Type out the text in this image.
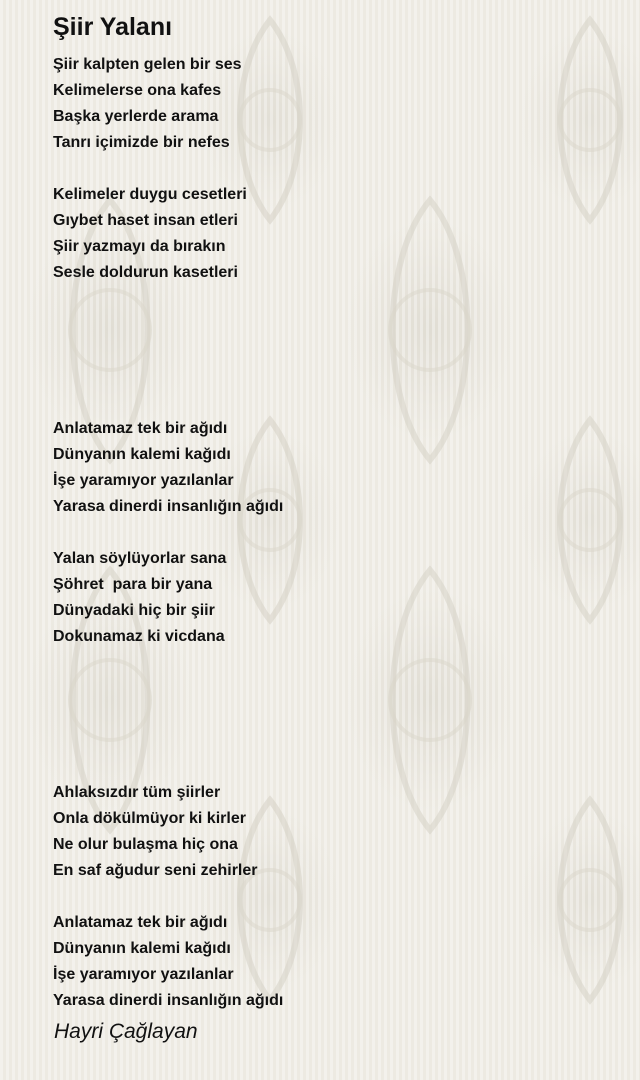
Şiir Yalanı
Şiir kalpten gelen bir ses
Kelimelerse ona kafes
Başka yerlerde arama
Tanrı içimizde bir nefes
Kelimeler duygu cesetleri
Gıybet haset insan etleri
Şiir yazmayı da bırakın
Sesle doldurun kasetleri
Anlatamaz tek bir ağıdı
Dünyanın kalemi kağıdı
İşe yaramıyor yazılanlar
Yarasa dinerdi insanlığın ağıdı
Yalan söylüyorlar sana
Şöhret  para bir yana
Dünyadaki hiç bir şiir
Dokunamaz ki vicdana
Ahlaksızdır tüm şiirler
Onla dökülmüyor ki kirler
Ne olur bulaşma hiç ona
En saf ağudur seni zehirler
Anlatamaz tek bir ağıdı
Dünyanın kalemi kağıdı
İşe yaramıyor yazılanlar
Yarasa dinerdi insanlığın ağıdı
Hayri Çağlayan
